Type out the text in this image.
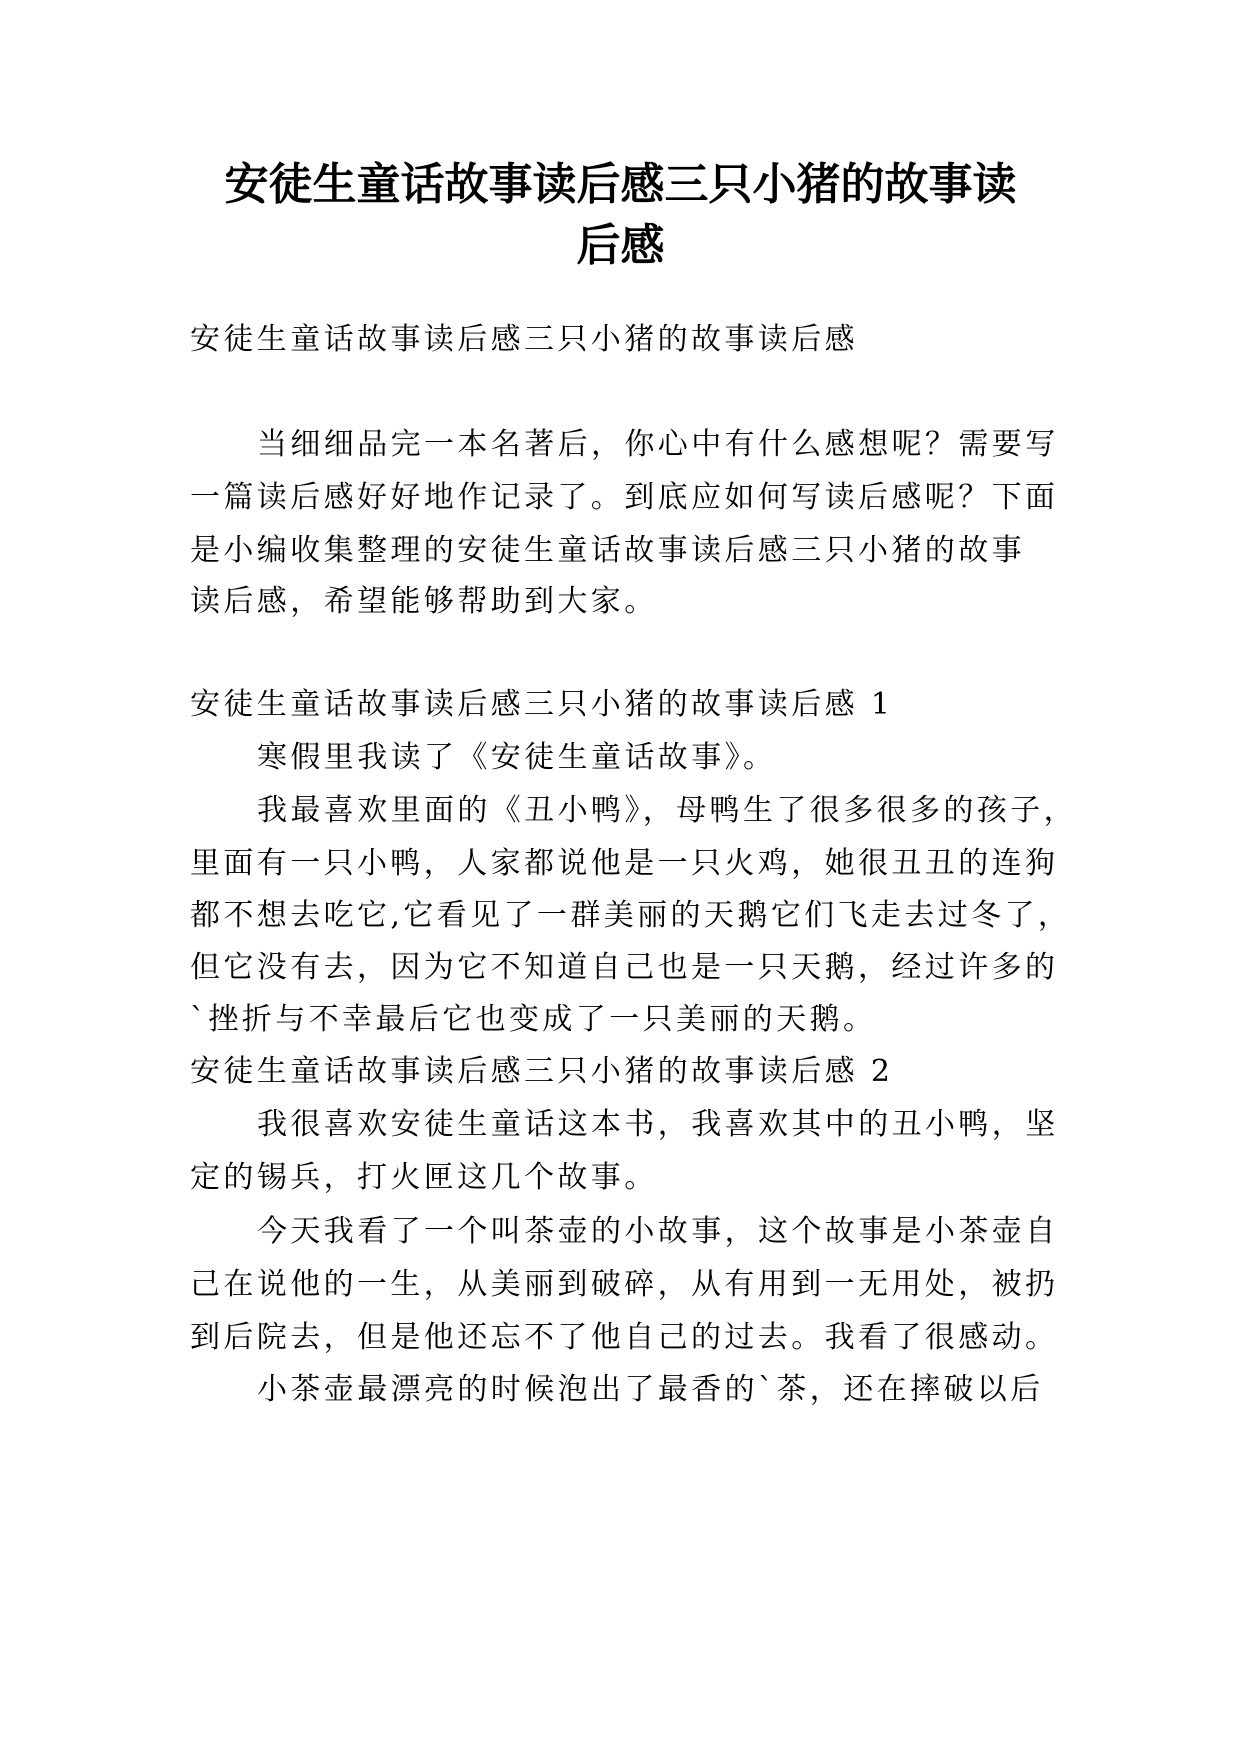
安徒生童话故事读后感三只小猪的故事读
后感

安徒生童话故事读后感三只小猪的故事读后感

当细细品完一本名著后，你心中有什么感想呢？需要写

一篇读后感好好地作记录了。到底应如何写读后感呢？下面

是小编收集整理的安徒生童话故事读后感三只小猪的故事

读后感，希望能够帮助到大家。

安徒生童话故事读后感三只小猪的故事读后感 1

寒假里我读了《安徒生童话故事》。

我最喜欢里面的《丑小鸭》，母鸭生了很多很多的孩子，

里面有一只小鸭，人家都说他是一只火鸡，她很丑丑的连狗

都不想去吃它,它看见了一群美丽的天鹅它们飞走去过冬了，

但它没有去，因为它不知道自己也是一只天鹅，经过许多的

`挫折与不幸最后它也变成了一只美丽的天鹅。

安徒生童话故事读后感三只小猪的故事读后感 2

我很喜欢安徒生童话这本书，我喜欢其中的丑小鸭，坚

定的锡兵，打火匣这几个故事。

今天我看了一个叫茶壶的小故事，这个故事是小茶壶自

己在说他的一生，从美丽到破碎，从有用到一无用处，被扔

到后院去，但是他还忘不了他自己的过去。我看了很感动。

小茶壶最漂亮的时候泡出了最香的`茶，还在摔破以后
